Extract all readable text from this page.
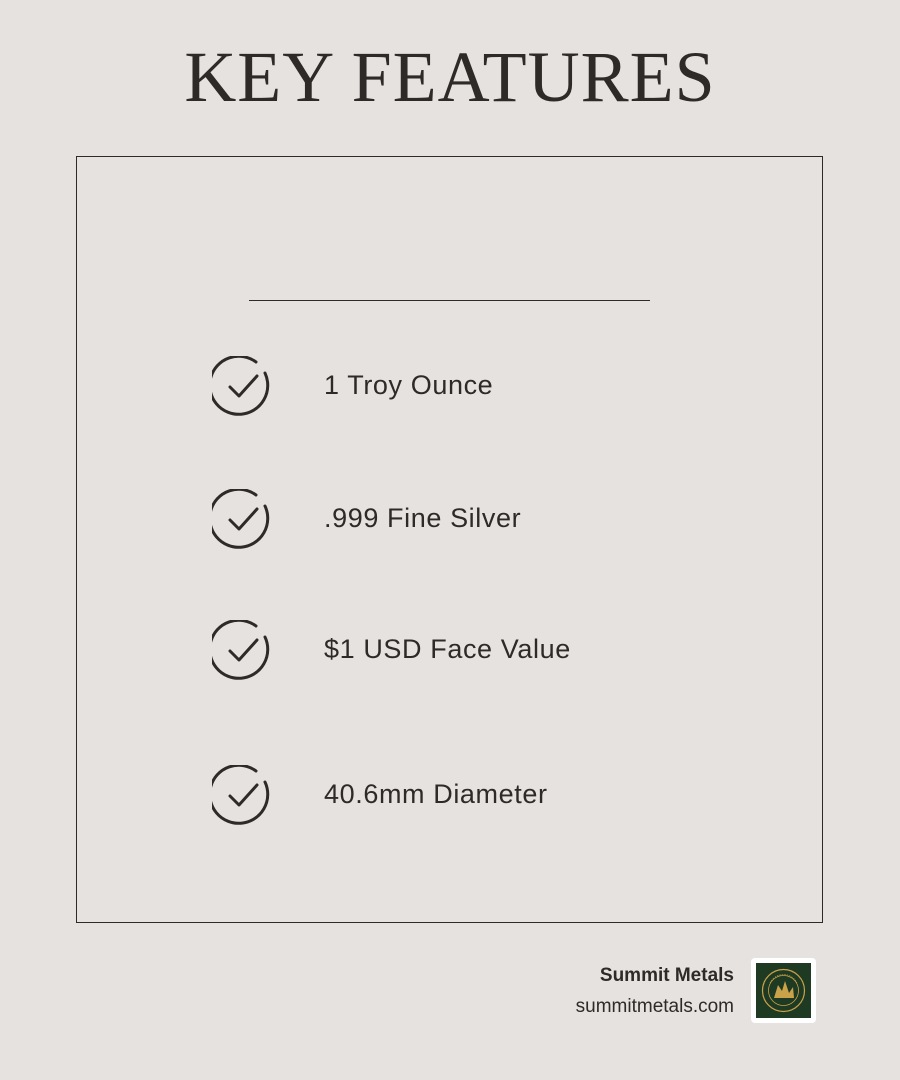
KEY FEATURES
1 Troy Ounce
.999 Fine Silver
$1 USD Face Value
40.6mm Diameter
Summit Metals
summitmetals.com
